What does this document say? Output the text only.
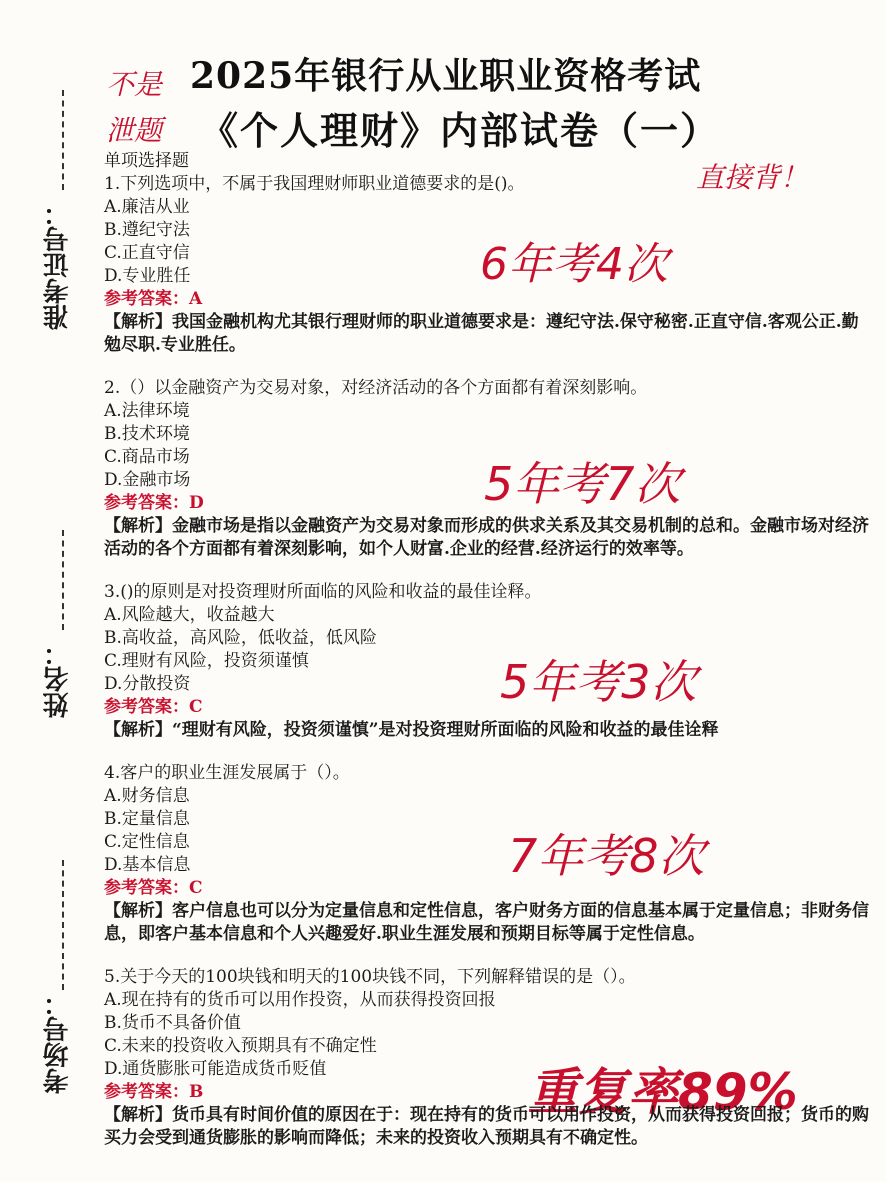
准考证号：
姓名：
考场号：
2025年银行从业职业资格考试
《个人理财》内部试卷（一）
不是泄题
直接背！
6年考4次
5年考7次
5年考3次
7年考8次
重复率89%

单项选择题

1.下列选项中，不属于我国理财师职业道德要求的是()。

A.廉洁从业

B.遵纪守法

C.正直守信

D.专业胜任

参考答案：A

【解析】我国金融机构尤其银行理财师的职业道德要求是：遵纪守法.保守秘密.正直守信.客观公正.勤勉尽职.专业胜任。

2.（）以金融资产为交易对象，对经济活动的各个方面都有着深刻影响。

A.法律环境

B.技术环境

C.商品市场

D.金融市场

参考答案：D

【解析】金融市场是指以金融资产为交易对象而形成的供求关系及其交易机制的总和。金融市场对经济活动的各个方面都有着深刻影响，如个人财富.企业的经营.经济运行的效率等。

3.()的原则是对投资理财所面临的风险和收益的最佳诠释。

A.风险越大，收益越大

B.高收益，高风险，低收益，低风险

C.理财有风险，投资须谨慎

D.分散投资

参考答案：C

【解析】“理财有风险，投资须谨慎”是对投资理财所面临的风险和收益的最佳诠释

4.客户的职业生涯发展属于（）。

A.财务信息

B.定量信息

C.定性信息

D.基本信息

参考答案：C

【解析】客户信息也可以分为定量信息和定性信息，客户财务方面的信息基本属于定量信息；非财务信息，即客户基本信息和个人兴趣爱好.职业生涯发展和预期目标等属于定性信息。

5.关于今天的100块钱和明天的100块钱不同，下列解释错误的是（）。

A.现在持有的货币可以用作投资，从而获得投资回报

B.货币不具备价值

C.未来的投资收入预期具有不确定性

D.通货膨胀可能造成货币贬值

参考答案：B

【解析】货币具有时间价值的原因在于：现在持有的货币可以用作投资，从而获得投资回报；货币的购买力会受到通货膨胀的影响而降低；未来的投资收入预期具有不确定性。
